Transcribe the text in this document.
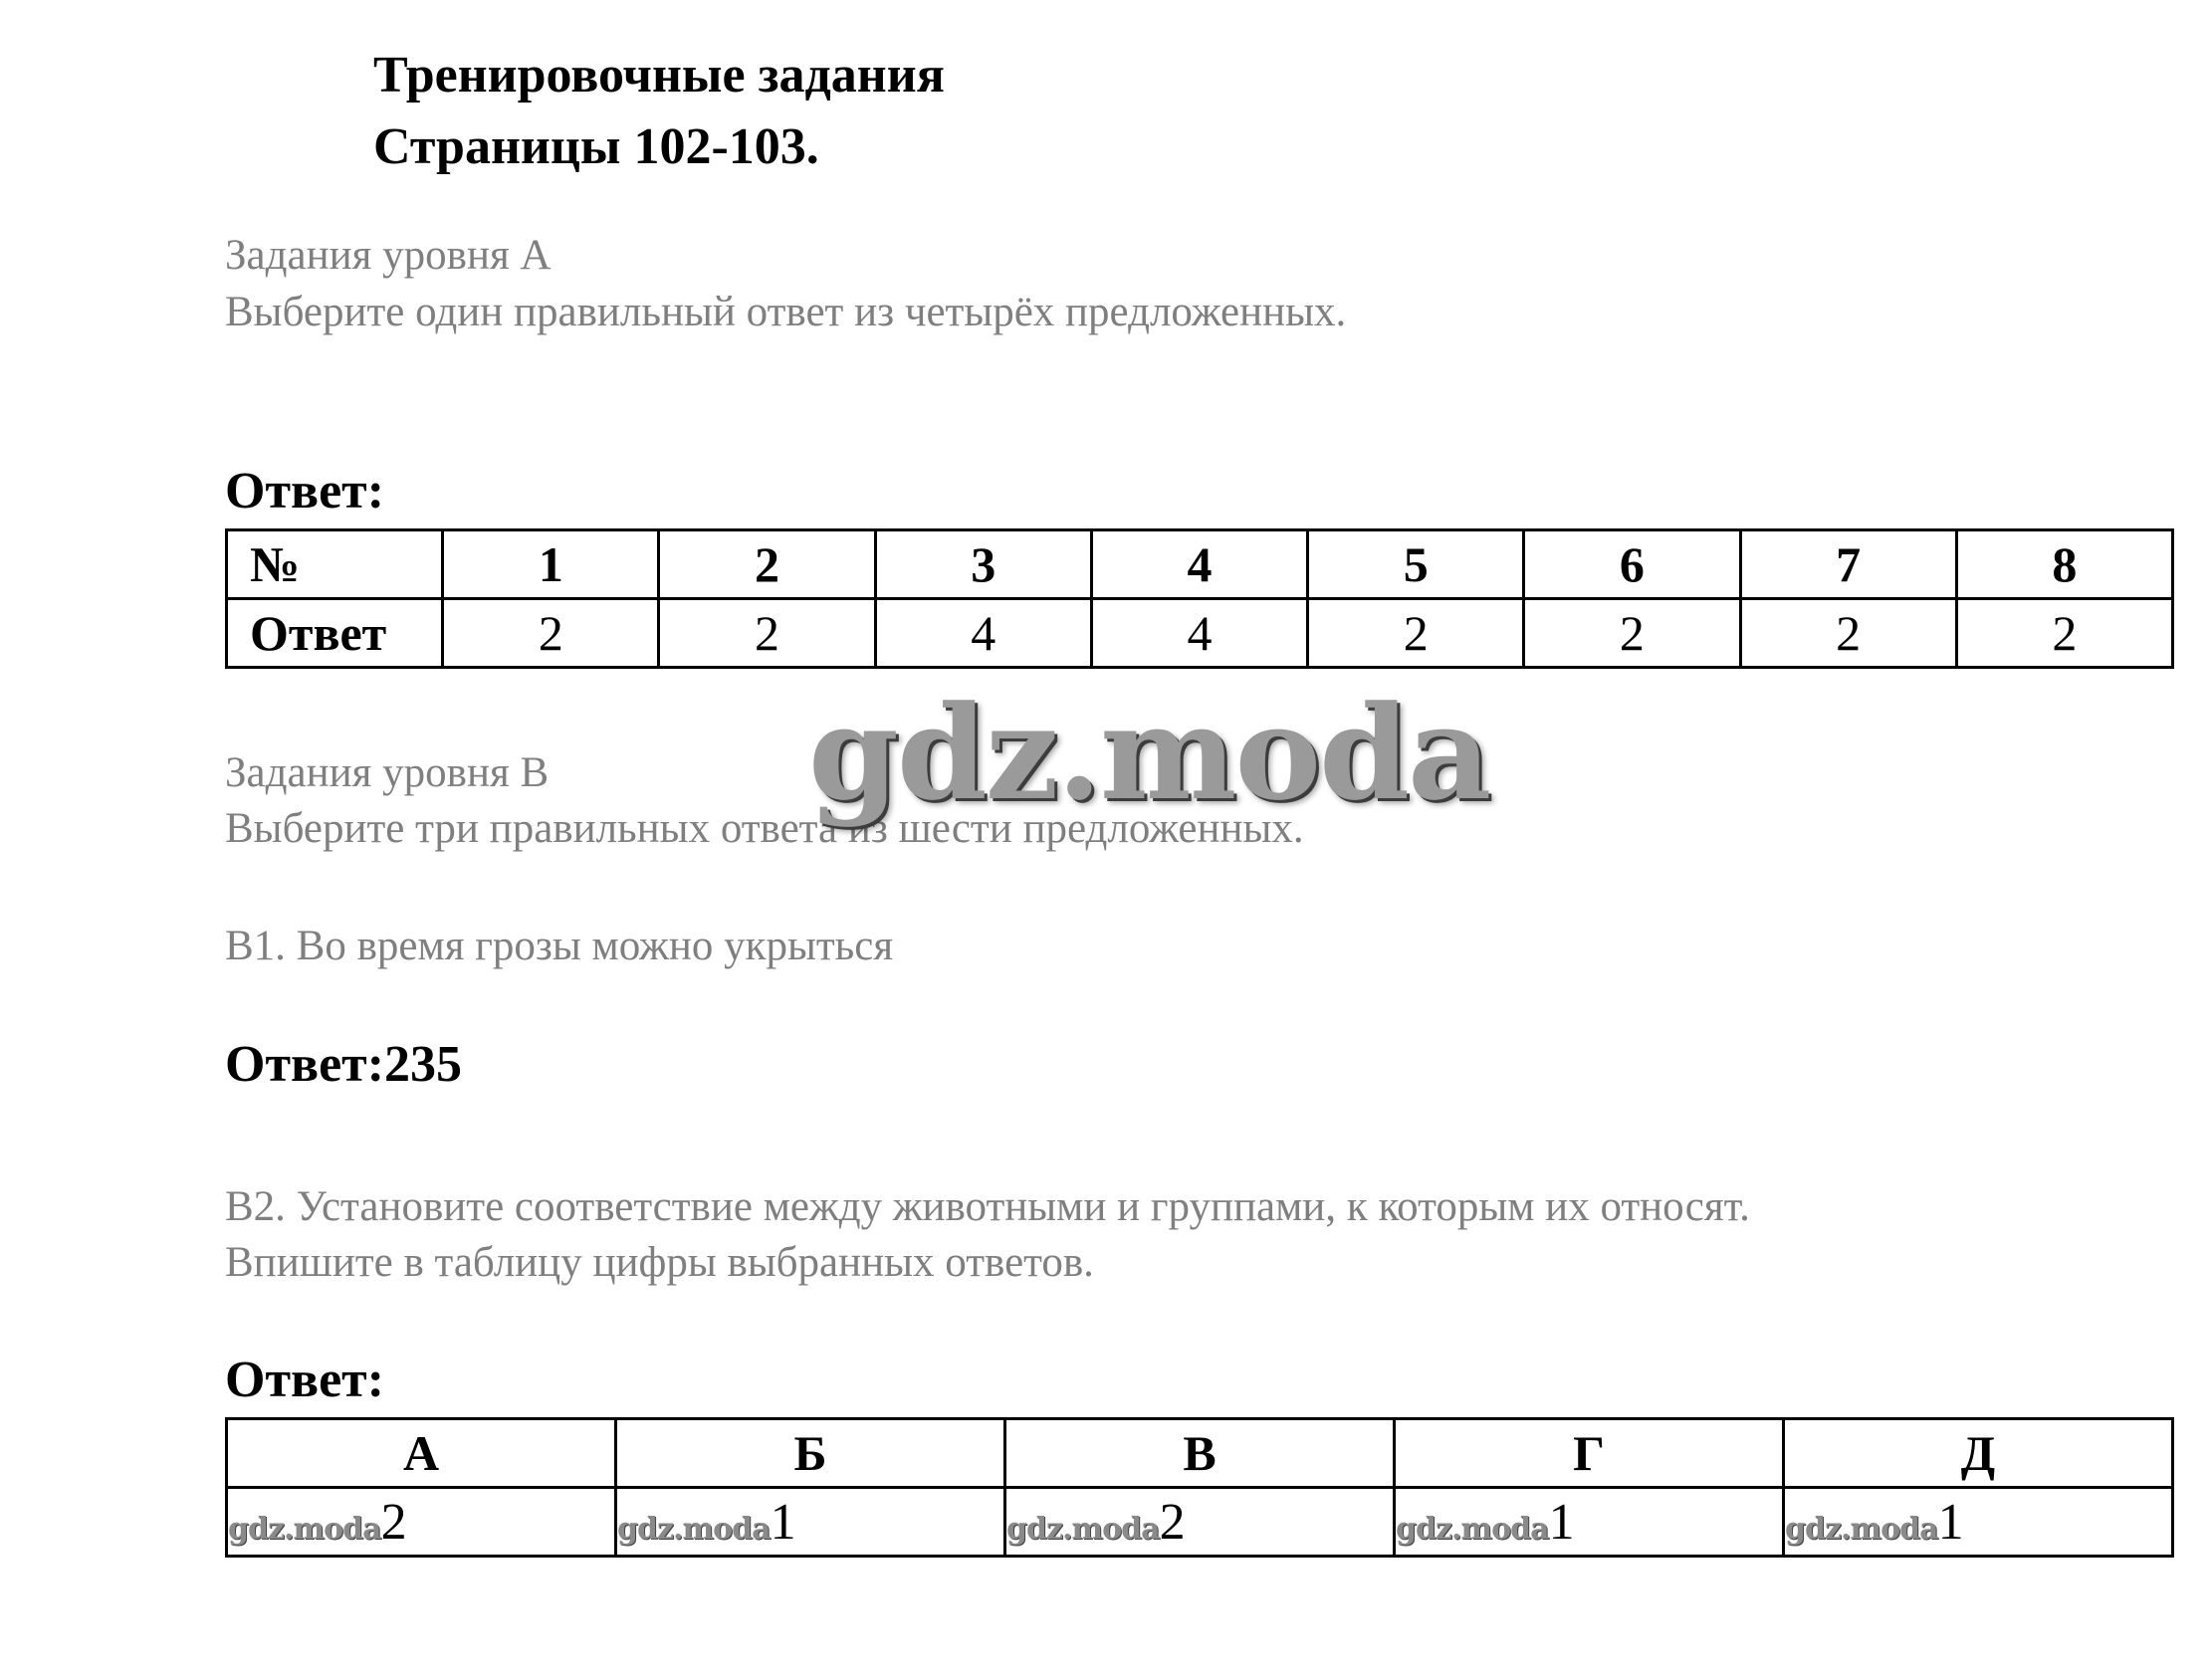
Тренировочные задания
Страницы 102-103.
Задания уровня А
Выберите один правильный ответ из четырёх предложенных.
Ответ:
№	1	2	3	4	5	6	7	8
Ответ	2	2	4	4	2	2	2	2
Задания уровня В
Выберите три правильных ответа из шести предложенных.
gdz.moda
В1. Во время грозы можно укрыться
Ответ:235
В2. Установите соответствие между животными и группами, к которым их относят.
Впишите в таблицу цифры выбранных ответов.
Ответ:
А	Б	В	Г	Д
gdz.moda2	gdz.moda1	gdz.moda2	gdz.moda1	gdz.moda1
